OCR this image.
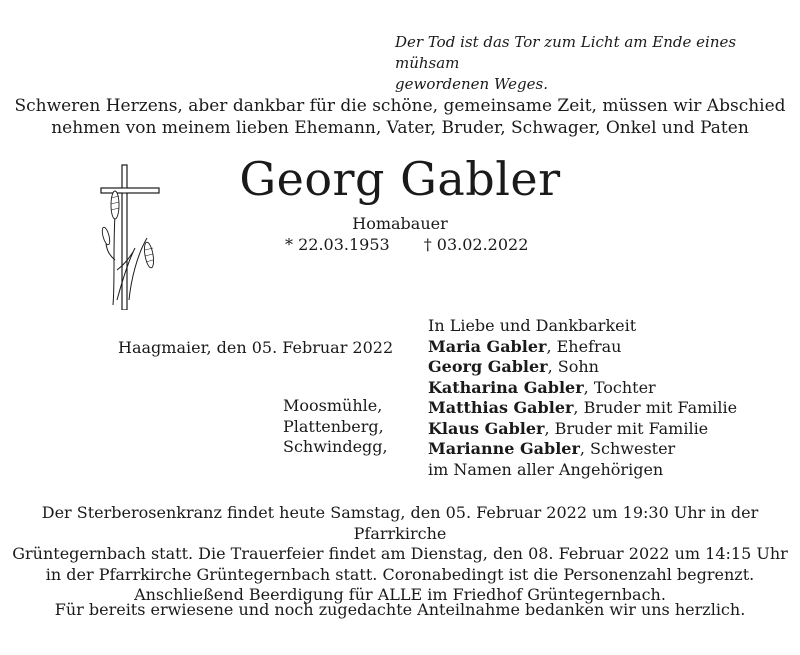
Der Tod ist das Tor zum Licht am Ende eines mühsam
gewordenen Weges.
Schweren Herzens, aber dankbar für die schöne, gemeinsame Zeit, müssen wir Abschied
nehmen von meinem lieben Ehemann, Vater, Bruder, Schwager, Onkel und Paten
Georg Gabler
Homabauer
* 22.03.1953 † 03.02.2022
Haagmaier, den 05. Februar 2022
Moosmühle,
Plattenberg,
Schwindegg,
In Liebe und Dankbarkeit
Maria Gabler, Ehefrau
Georg Gabler, Sohn
Katharina Gabler, Tochter
Matthias Gabler, Bruder mit Familie
Klaus Gabler, Bruder mit Familie
Marianne Gabler, Schwester
im Namen aller Angehörigen
Der Sterberosenkranz findet heute Samstag, den 05. Februar 2022 um 19:30 Uhr in der Pfarrkirche
Grüntegernbach statt. Die Trauerfeier findet am Dienstag, den 08. Februar 2022 um 14:15 Uhr
in der Pfarrkirche Grüntegernbach statt. Coronabedingt ist die Personenzahl begrenzt.
Anschließend Beerdigung für ALLE im Friedhof Grüntegernbach.
Für bereits erwiesene und noch zugedachte Anteilnahme bedanken wir uns herzlich.
